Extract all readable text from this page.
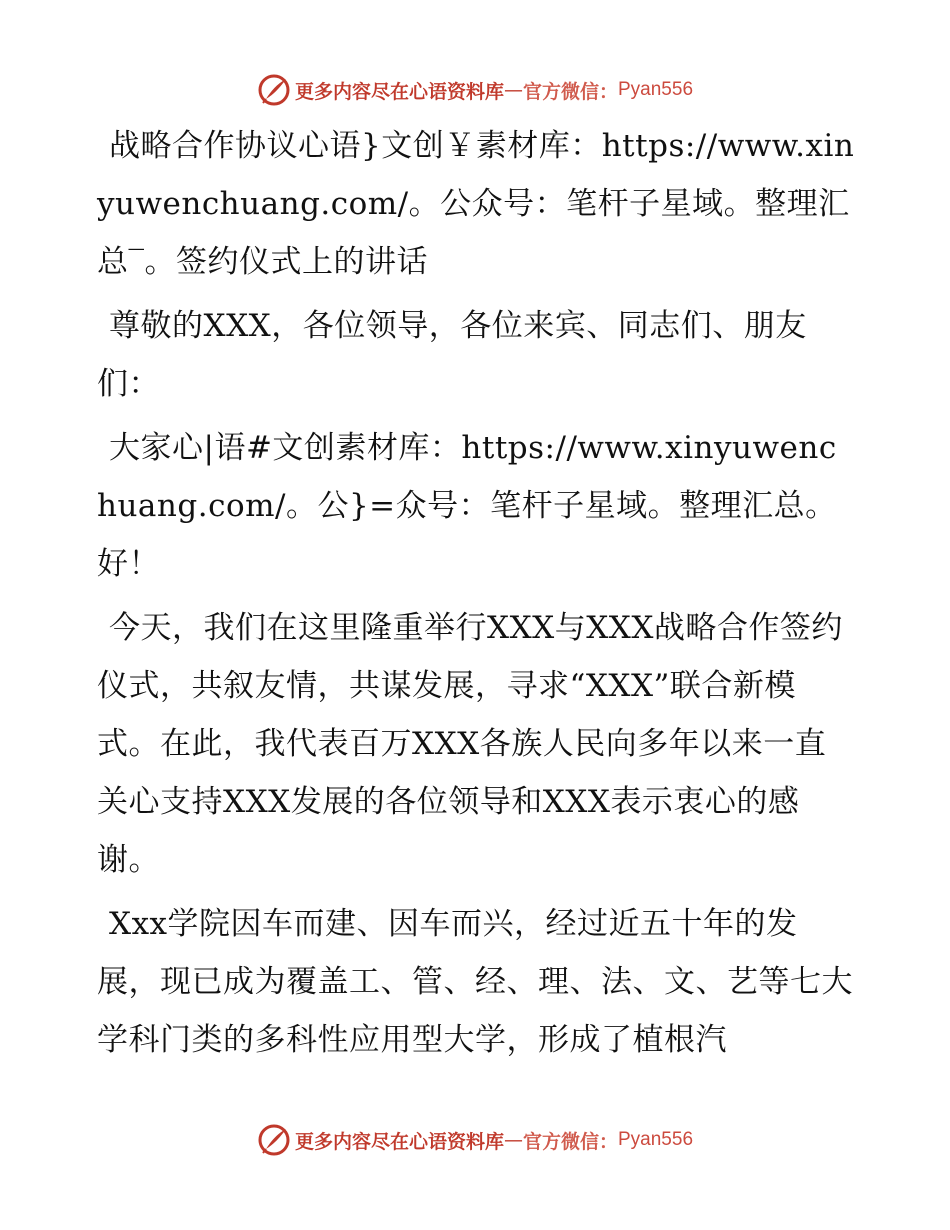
更多内容尽在心语资料库 — 官方微信： Pyan556

战略合作协议心语}文创￥素材库：https://www.xinyuwenchuang.com/。公众号：笔杆子星域。整理汇总‾。签约仪式上的讲话

尊敬的XXX，各位领导，各位来宾、同志们、朋友们：

大家心|语#文创素材库：https://www.xinyuwenchuang.com/。公}=众号：笔杆子星域。整理汇总。好！

今天，我们在这里隆重举行XXX与XXX战略合作签约仪式，共叙友情，共谋发展，寻求“XXX”联合新模式。在此，我代表百万XXX各族人民向多年以来一直关心支持XXX发展的各位领导和XXX表示衷心的感谢。

Xxx学院因车而建、因车而兴，经过近五十年的发展，现已成为覆盖工、管、经、理、法、文、艺等七大学科门类的多科性应用型大学，形成了植根汽

更多内容尽在心语资料库 — 官方微信： Pyan556
